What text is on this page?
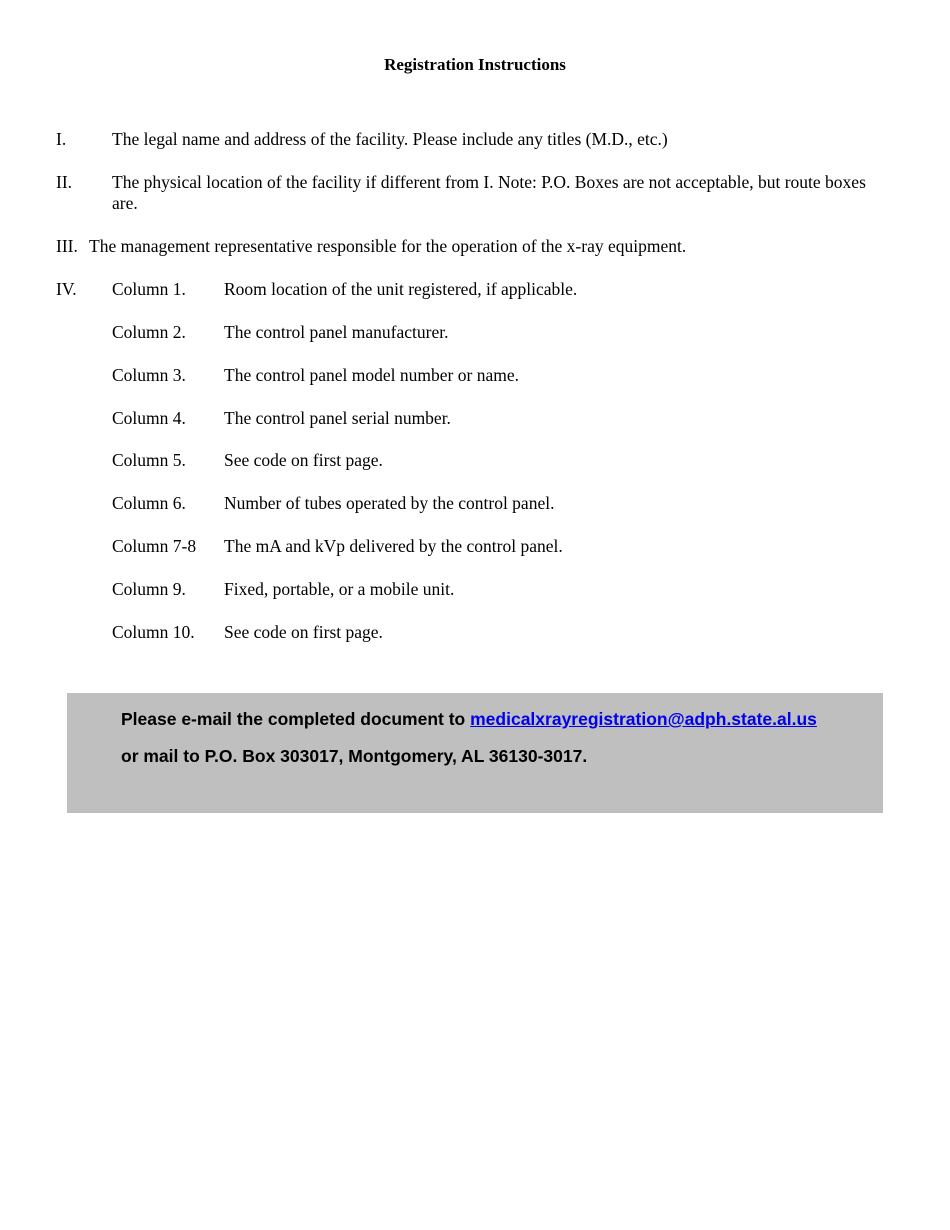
Registration Instructions
I.	The legal name and address of the facility. Please include any titles (M.D., etc.)
II. The physical location of the facility if different from I. Note: P.O. Boxes are not acceptable, but route boxes are.
III. The management representative responsible for the operation of the x-ray equipment.
IV. Column 1. Room location of the unit registered, if applicable.
Column 2. The control panel manufacturer.
Column 3. The control panel model number or name.
Column 4. The control panel serial number.
Column 5. See code on first page.
Column 6. Number of tubes operated by the control panel.
Column 7-8 The mA and kVp delivered by the control panel.
Column 9. Fixed, portable, or a mobile unit.
Column 10. See code on first page.
Please e-mail the completed document to medicalxrayregistration@adph.state.al.us
or mail to P.O. Box 303017, Montgomery, AL 36130-3017.
